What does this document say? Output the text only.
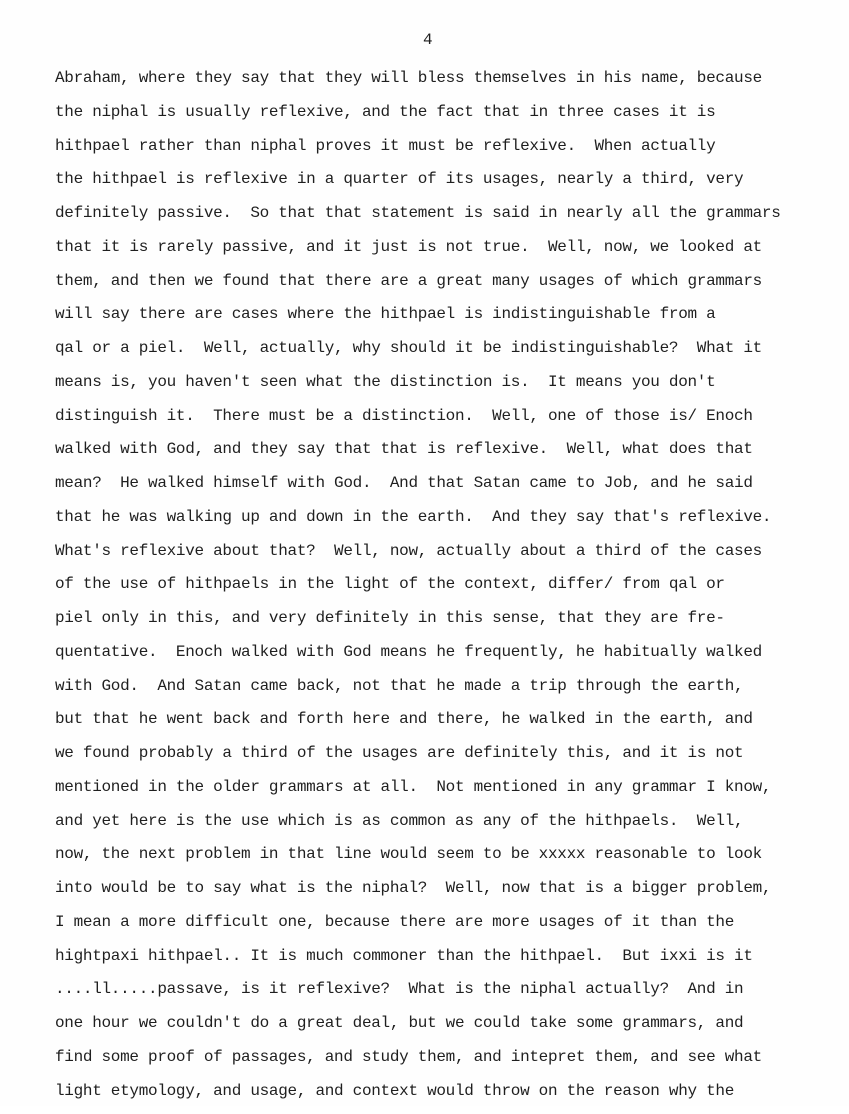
4
Abraham, where they say that they will bless themselves in his name, because
the niphal is usually reflexive, and the fact that in three cases it is
hithpael rather than niphal proves it must be reflexive.  When actually
the hithpael is reflexive in a quarter of its usages, nearly a third, very
definitely passive.  So that that statement is said in nearly all the grammars
that it is rarely passive, and it just is not true.  Well, now, we looked at
them, and then we found that there are a great many usages of which grammars
will say there are cases where the hithpael is indistinguishable from a
qal or a piel.  Well, actually, why should it be indistinguishable?  What it
means is, you haven't seen what the distinction is.  It means you don't
distinguish it.  There must be a distinction.  Well, one of those is/ Enoch
walked with God, and they say that that is reflexive.  Well, what does that
mean?  He walked himself with God.  And that Satan came to Job, and he said
that he was walking up and down in the earth.  And they say that's reflexive.
What's reflexive about that?  Well, now, actually about a third of the cases
of the use of hithpaels in the light of the context, differ/ from qal or
piel only in this, and very definitely in this sense, that they are fre-
quentative.  Enoch walked with God means he frequently, he habitually walked
with God.  And Satan came back, not that he made a trip through the earth,
but that he went back and forth here and there, he walked in the earth, and
we found probably a third of the usages are definitely this, and it is not
mentioned in the older grammars at all.  Not mentioned in any grammar I know,
and yet here is the use which is as common as any of the hithpaels.  Well,
now, the next problem in that line would seem to be xxxxx reasonable to look
into would be to say what is the niphal?  Well, now that is a bigger problem,
I mean a more difficult one, because there are more usages of it than the
hightpaxi hithpael.. It is much commoner than the hithpael.  But ixxi is it
....ll.....passave, is it reflexive?  What is the niphal actually?  And in
one hour we couldn't do a great deal, but we could take some grammars, and
find some proof of passages, and study them, and intepret them, and see what
light etymology, and usage, and context would throw on the reason why the
